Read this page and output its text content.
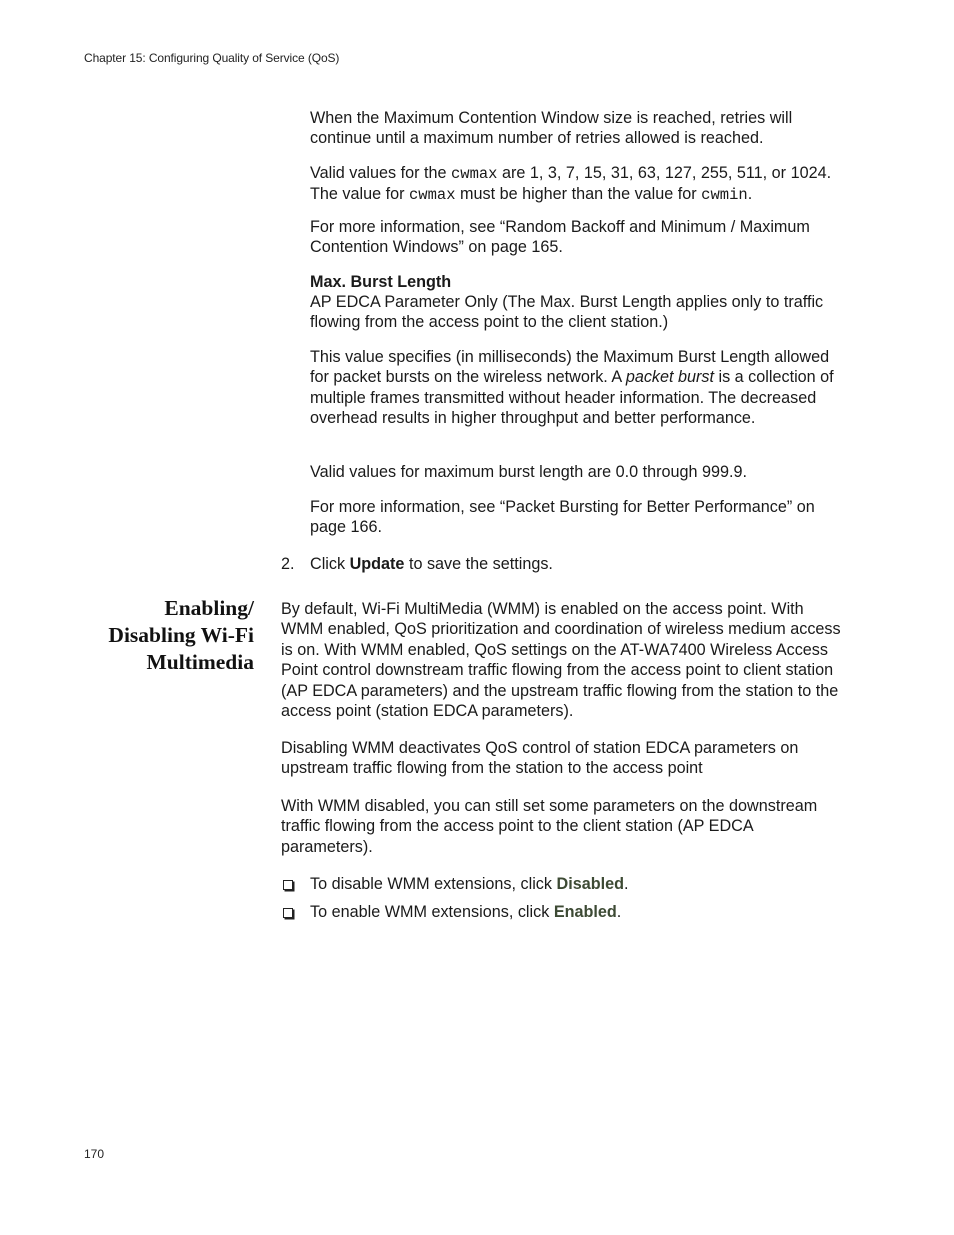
Chapter 15: Configuring Quality of Service (QoS)

When the Maximum Contention Window size is reached, retries will continue until a maximum number of retries allowed is reached.

Valid values for the cwmax are 1, 3, 7, 15, 31, 63, 127, 255, 511, or 1024. The value for cwmax must be higher than the value for cwmin.

For more information, see “Random Backoff and Minimum / Maximum Contention Windows” on page 165.

Max. Burst Length

AP EDCA Parameter Only (The Max. Burst Length applies only to traffic flowing from the access point to the client station.)

This value specifies (in milliseconds) the Maximum Burst Length allowed for packet bursts on the wireless network. A packet burst is a collection of multiple frames transmitted without header information. The decreased overhead results in higher throughput and better performance.

Valid values for maximum burst length are 0.0 through 999.9.

For more information, see “Packet Bursting for Better Performance” on page 166.

2. Click Update to save the settings.

Enabling/
Disabling Wi-Fi
Multimedia

By default, Wi-Fi MultiMedia (WMM) is enabled on the access point. With WMM enabled, QoS prioritization and coordination of wireless medium access is on. With WMM enabled, QoS settings on the AT-WA7400 Wireless Access Point control downstream traffic flowing from the access point to client station (AP EDCA parameters) and the upstream traffic flowing from the station to the access point (station EDCA parameters).

Disabling WMM deactivates QoS control of station EDCA parameters on upstream traffic flowing from the station to the access point

With WMM disabled, you can still set some parameters on the downstream traffic flowing from the access point to the client station (AP EDCA parameters).

To disable WMM extensions, click Disabled.
To enable WMM extensions, click Enabled.
170
